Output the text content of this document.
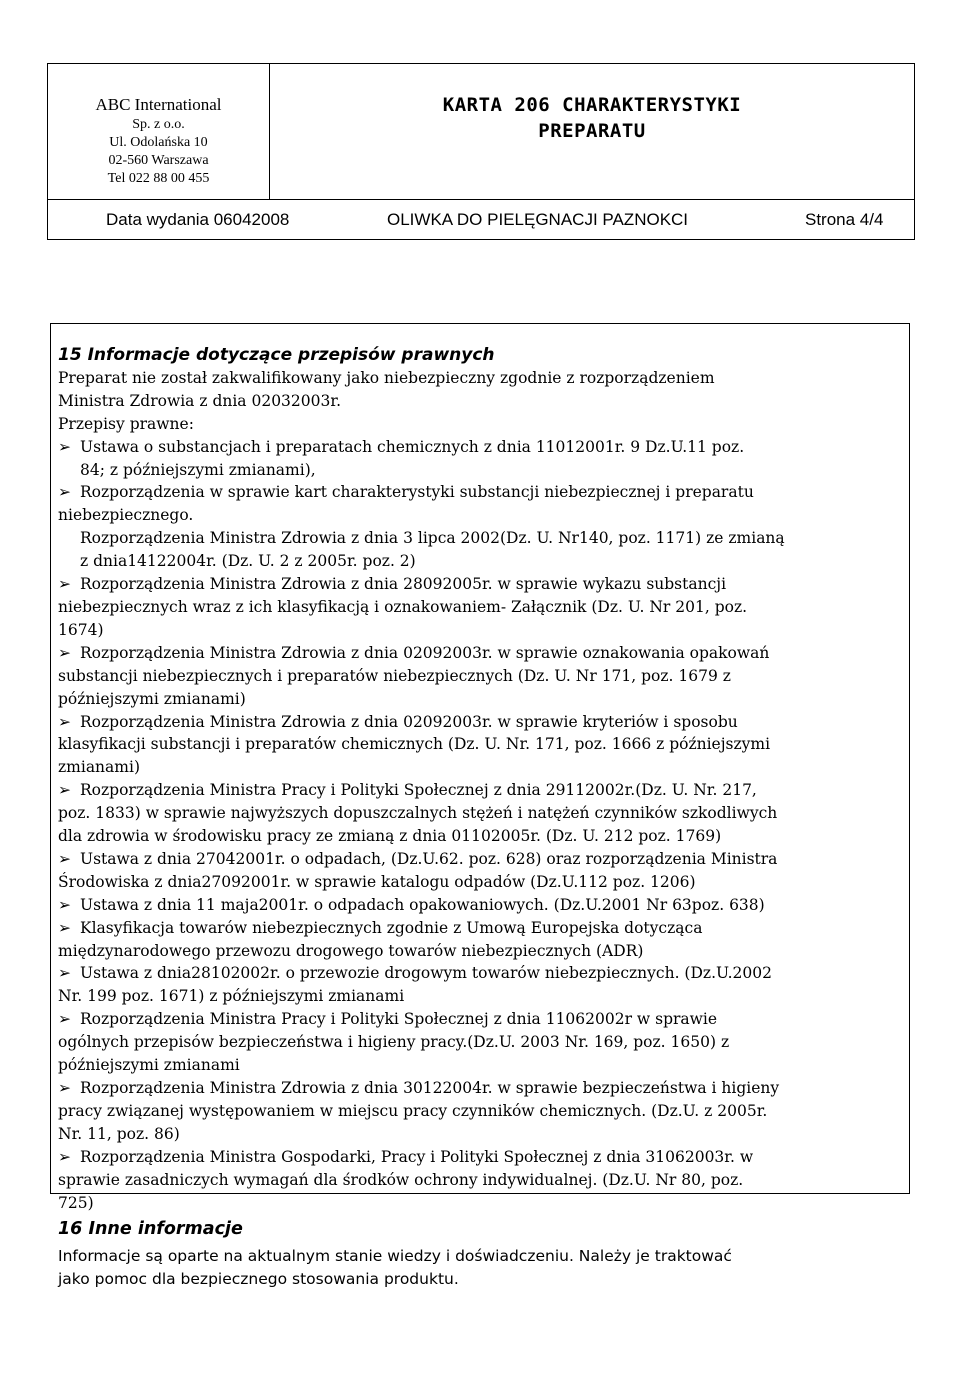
ABC International
Sp. z o.o.
Ul. Odolańska 10
02-560 Warszawa
Tel 022 88 00 455
KARTA 206 CHARAKTERYSTYKI
PREPARATU
Data wydania 06042008	OLIWKA DO PIELĘGNACJI PAZNOKCI	Strona 4/4
15 Informacje dotyczące przepisów prawnych
Preparat nie został zakwalifikowany jako niebezpieczny zgodnie z rozporządzeniem
Ministra Zdrowia z dnia 02032003r.
Przepisy prawne:
➢ Ustawa o substancjach i preparatach chemicznych z dnia 11012001r. 9 Dz.U.11 poz.
84; z późniejszymi zmianami),
➢ Rozporządzenia w sprawie kart charakterystyki substancji niebezpiecznej i preparatu
niebezpiecznego.
Rozporządzenia Ministra Zdrowia z dnia 3 lipca 2002(Dz. U. Nr140, poz. 1171) ze zmianą
z dnia14122004r. (Dz. U. 2 z 2005r. poz. 2)
➢ Rozporządzenia Ministra Zdrowia z dnia 28092005r. w sprawie wykazu substancji
niebezpiecznych wraz z ich klasyfikacją i oznakowaniem- Załącznik (Dz. U. Nr 201, poz.
1674)
➢ Rozporządzenia Ministra Zdrowia z dnia 02092003r. w sprawie oznakowania opakowań
substancji niebezpiecznych i preparatów niebezpiecznych (Dz. U. Nr 171, poz. 1679 z
późniejszymi zmianami)
➢ Rozporządzenia Ministra Zdrowia z dnia 02092003r. w sprawie kryteriów i sposobu
klasyfikacji substancji i preparatów chemicznych (Dz. U. Nr. 171, poz. 1666 z późniejszymi
zmianami)
➢ Rozporządzenia Ministra Pracy i Polityki Społecznej z dnia 29112002r.(Dz. U. Nr. 217,
poz. 1833) w sprawie najwyższych dopuszczalnych stężeń i natężeń czynników szkodliwych
dla zdrowia w środowisku pracy ze zmianą z dnia 01102005r. (Dz. U. 212 poz. 1769)
➢ Ustawa z dnia 27042001r. o odpadach, (Dz.U.62. poz. 628) oraz rozporządzenia Ministra
Środowiska z dnia27092001r. w sprawie katalogu odpadów (Dz.U.112 poz. 1206)
➢ Ustawa z dnia 11 maja2001r. o odpadach opakowaniowych. (Dz.U.2001 Nr 63poz. 638)
➢ Klasyfikacja towarów niebezpiecznych zgodnie z Umową Europejska dotycząca
międzynarodowego przewozu drogowego towarów niebezpiecznych (ADR)
➢ Ustawa z dnia28102002r. o przewozie drogowym towarów niebezpiecznych. (Dz.U.2002
Nr. 199 poz. 1671) z późniejszymi zmianami
➢ Rozporządzenia Ministra Pracy i Polityki Społecznej z dnia 11062002r w sprawie
ogólnych przepisów bezpieczeństwa i higieny pracy.(Dz.U. 2003 Nr. 169, poz. 1650) z
późniejszymi zmianami
➢ Rozporządzenia Ministra Zdrowia z dnia 30122004r. w sprawie bezpieczeństwa i higieny
pracy związanej występowaniem w miejscu pracy czynników chemicznych. (Dz.U. z 2005r.
Nr. 11, poz. 86)
➢ Rozporządzenia Ministra Gospodarki, Pracy i Polityki Społecznej z dnia 31062003r. w
sprawie zasadniczych wymagań dla środków ochrony indywidualnej. (Dz.U. Nr 80, poz.
725)
16 Inne informacje
Informacje są oparte na aktualnym stanie wiedzy i doświadczeniu. Należy je traktować
jako pomoc dla bezpiecznego stosowania produktu.
